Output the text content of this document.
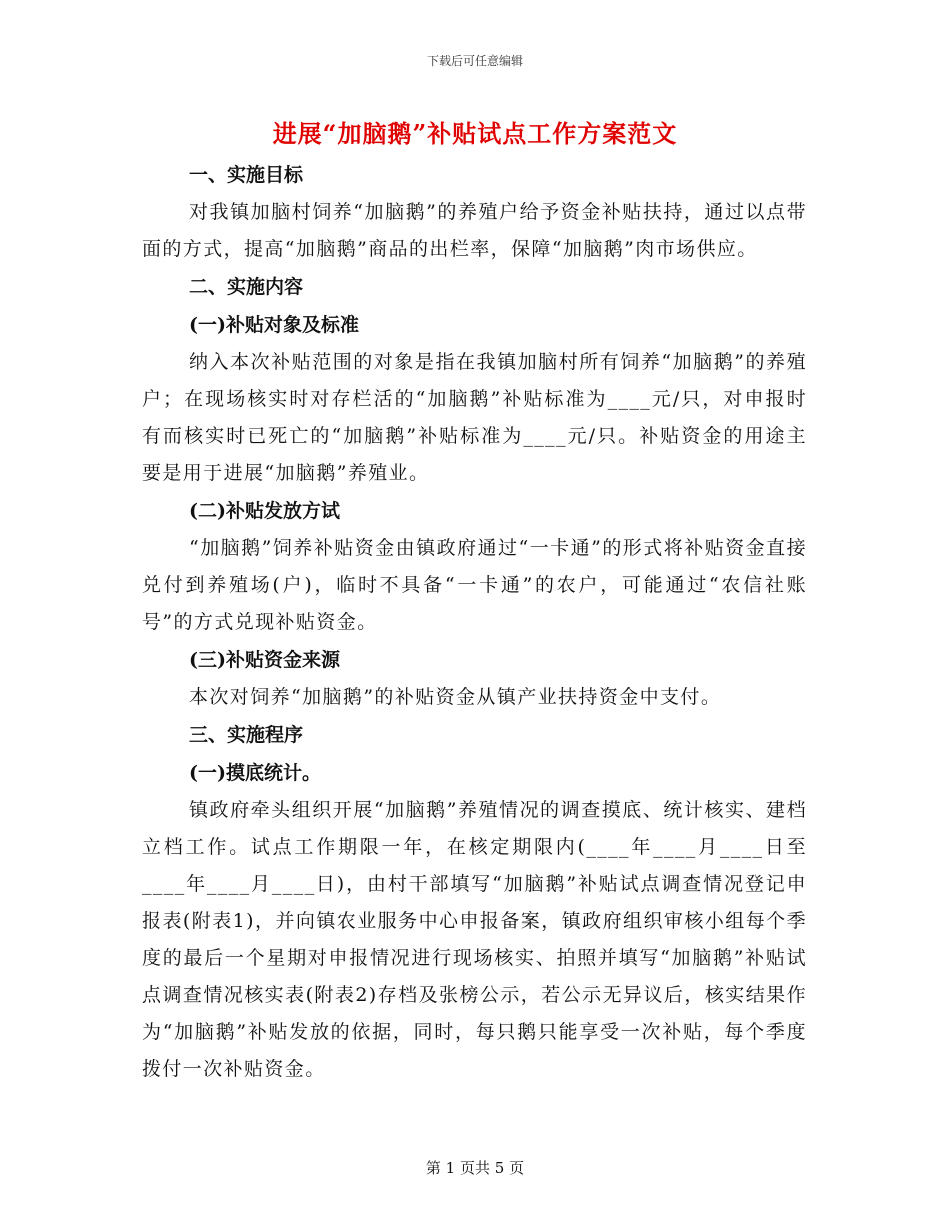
下载后可任意编辑
进展“加脑鹅”补贴试点工作方案范文
一、实施目标
对我镇加脑村饲养“加脑鹅”的养殖户给予资金补贴扶持，通过以点带面的方式，提高“加脑鹅”商品的出栏率，保障“加脑鹅”肉市场供应。
二、实施内容
(一)补贴对象及标准
纳入本次补贴范围的对象是指在我镇加脑村所有饲养“加脑鹅”的养殖户；在现场核实时对存栏活的“加脑鹅”补贴标准为____元/只，对申报时有而核实时已死亡的“加脑鹅”补贴标准为____元/只。补贴资金的用途主要是用于进展“加脑鹅”养殖业。
(二)补贴发放方试
“加脑鹅”饲养补贴资金由镇政府通过“一卡通”的形式将补贴资金直接兑付到养殖场(户)，临时不具备“一卡通”的农户，可能通过“农信社账号”的方式兑现补贴资金。
(三)补贴资金来源
本次对饲养“加脑鹅”的补贴资金从镇产业扶持资金中支付。
三、实施程序
(一)摸底统计。
镇政府牵头组织开展“加脑鹅”养殖情况的调查摸底、统计核实、建档立档工作。试点工作期限一年，在核定期限内(____年____月____日至____年____月____日)，由村干部填写“加脑鹅”补贴试点调查情况登记申报表(附表1)，并向镇农业服务中心申报备案，镇政府组织审核小组每个季度的最后一个星期对申报情况进行现场核实、拍照并填写“加脑鹅”补贴试点调查情况核实表(附表2)存档及张榜公示，若公示无异议后，核实结果作为“加脑鹅”补贴发放的依据，同时，每只鹅只能享受一次补贴，每个季度拨付一次补贴资金。
第 1 页共 5 页
